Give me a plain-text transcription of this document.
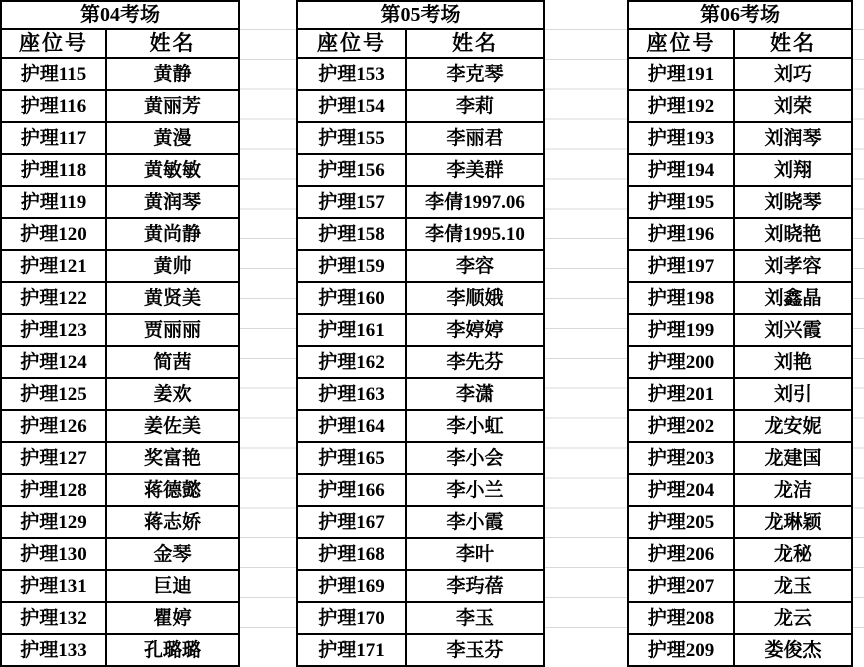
第04考场	
座位号	姓名
护理115	黄静
护理116	黄丽芳
护理117	黄漫
护理118	黄敏敏
护理119	黄润琴
护理120	黄尚静
护理121	黄帅
护理122	黄贤美
护理123	贾丽丽
护理124	简茜
护理125	姜欢
护理126	姜佐美
护理127	奖富艳
护理128	蒋德懿
护理129	蒋志娇
护理130	金琴
护理131	巨迪
护理132	瞿婷
护理133	孔璐璐
第05考场	
座位号	姓名
护理153	李克琴
护理154	李莉
护理155	李丽君
护理156	李美群
护理157	李倩1997.06
护理158	李倩1995.10
护理159	李容
护理160	李顺娥
护理161	李婷婷
护理162	李先芬
护理163	李潇
护理164	李小虹
护理165	李小会
护理166	李小兰
护理167	李小霞
护理168	李叶
护理169	李玙蓓
护理170	李玉
护理171	李玉芬
第06考场	
座位号	姓名
护理191	刘巧
护理192	刘荣
护理193	刘润琴
护理194	刘翔
护理195	刘晓琴
护理196	刘晓艳
护理197	刘孝容
护理198	刘鑫晶
护理199	刘兴霞
护理200	刘艳
护理201	刘引
护理202	龙安妮
护理203	龙建国
护理204	龙洁
护理205	龙琳颖
护理206	龙秘
护理207	龙玉
护理208	龙云
护理209	娄俊杰
